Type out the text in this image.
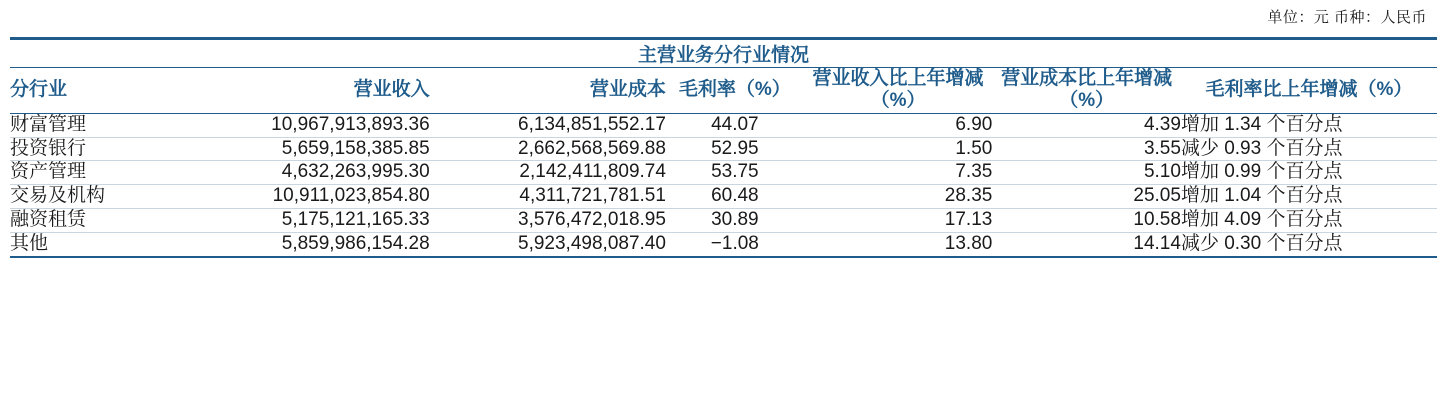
单位：元 币种：人民币
主营业务分行业情况						
分行业	营业收入	营业成本	毛利率（%）	营业收入比上年增减（%）	营业成本比上年增减（%）	毛利率比上年增减（%）
财富管理	10,967,913,893.36	6,134,851,552.17	44.07	6.90	4.39	增加 1.34 个百分点
投资银行	5,659,158,385.85	2,662,568,569.88	52.95	1.50	3.55	减少 0.93 个百分点
资产管理	4,632,263,995.30	2,142,411,809.74	53.75	7.35	5.10	增加 0.99 个百分点
交易及机构	10,911,023,854.80	4,311,721,781.51	60.48	28.35	25.05	增加 1.04 个百分点
融资租赁	5,175,121,165.33	3,576,472,018.95	30.89	17.13	10.58	增加 4.09 个百分点
其他	5,859,986,154.28	5,923,498,087.40	−1.08	13.80	14.14	减少 0.30 个百分点
